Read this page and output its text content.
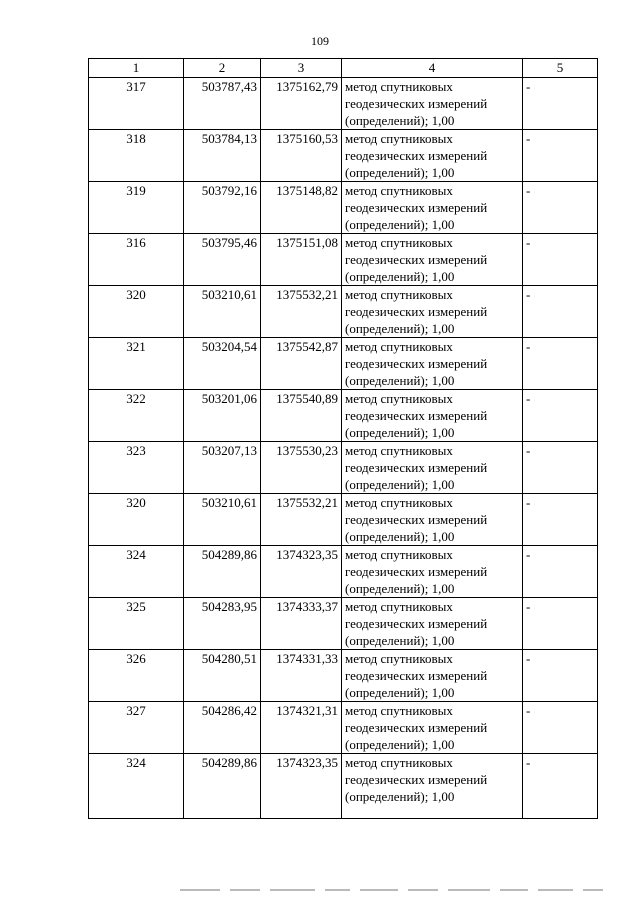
109
1	2	3	4	5
317	503787,43	1375162,79	метод спутниковых геодезических измерений (определений); 1,00	-
318	503784,13	1375160,53	метод спутниковых геодезических измерений (определений); 1,00	-
319	503792,16	1375148,82	метод спутниковых геодезических измерений (определений); 1,00	-
316	503795,46	1375151,08	метод спутниковых геодезических измерений (определений); 1,00	-
320	503210,61	1375532,21	метод спутниковых геодезических измерений (определений); 1,00	-
321	503204,54	1375542,87	метод спутниковых геодезических измерений (определений); 1,00	-
322	503201,06	1375540,89	метод спутниковых геодезических измерений (определений); 1,00	-
323	503207,13	1375530,23	метод спутниковых геодезических измерений (определений); 1,00	-
320	503210,61	1375532,21	метод спутниковых геодезических измерений (определений); 1,00	-
324	504289,86	1374323,35	метод спутниковых геодезических измерений (определений); 1,00	-
325	504283,95	1374333,37	метод спутниковых геодезических измерений (определений); 1,00	-
326	504280,51	1374331,33	метод спутниковых геодезических измерений (определений); 1,00	-
327	504286,42	1374321,31	метод спутниковых геодезических измерений (определений); 1,00	-
324	504289,86	1374323,35	метод спутниковых геодезических измерений (определений); 1,00	-
